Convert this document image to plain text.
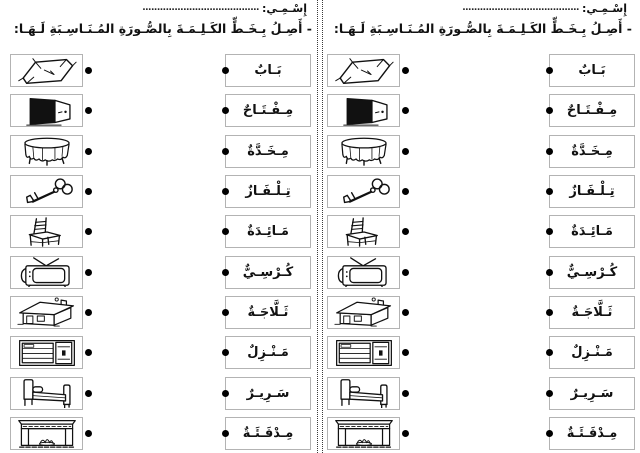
إِسْـمِـي:
........................................
- أَصِـلُ بِـخَـطٍّ الكَـلِـمَـةَ بِالصُّـورَةِ المُـنَـاسِـبَةِ لَـهَـا:
بَـابٌ
مِـفْـتَـاحٌ
مِـخَـدَّةٌ
تِـلْـفَـازٌ
مَـائِـدَةٌ
كُـرْسِـيٌّ
ثَـلَّاجَـةٌ
مَـنْـزِلٌ
سَـرِيـرٌ
مِـدْفَـئَـةٌ
إِسْـمِـي:
........................................
- أَصِـلُ بِـخَـطٍّ الكَـلِـمَـةَ بِالصُّـورَةِ المُـنَـاسِـبَةِ لَـهَـا:
بَـابٌ
مِـفْـتَـاحٌ
مِـخَـدَّةٌ
تِـلْـفَـازٌ
مَـائِـدَةٌ
كُـرْسِـيٌّ
ثَـلَّاجَـةٌ
مَـنْـزِلٌ
سَـرِيـرٌ
مِـدْفَـئَـةٌ
